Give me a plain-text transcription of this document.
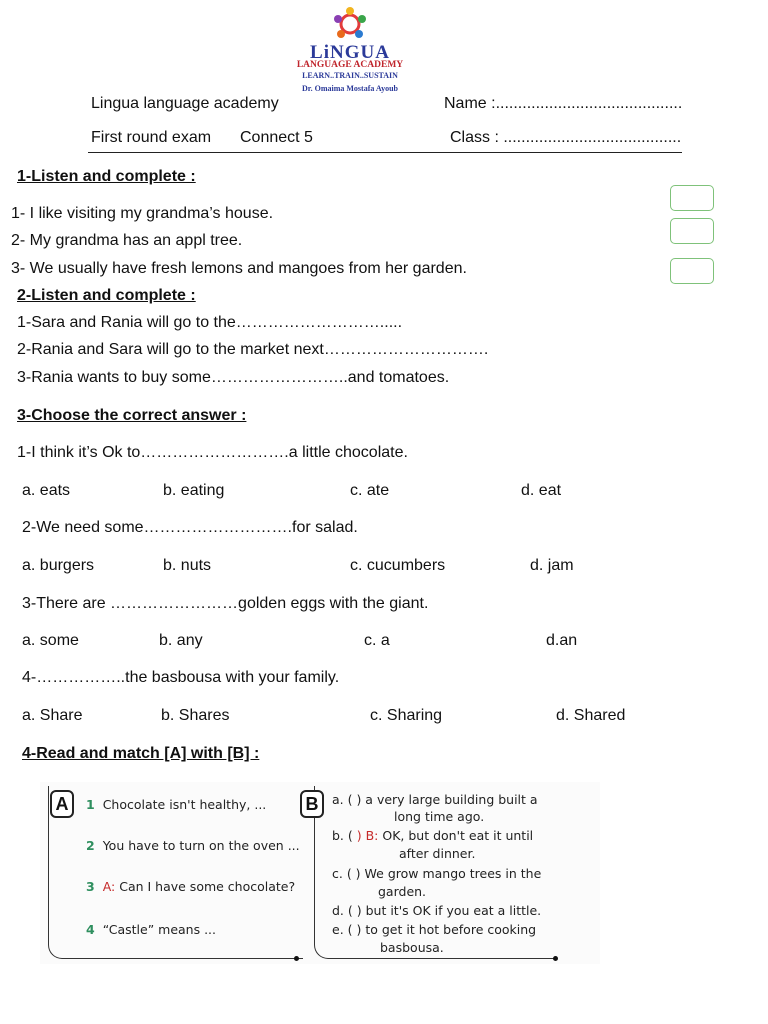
LiNGUA
LANGUAGE ACADEMY
LEARN..TRAIN..SUSTAIN
Dr. Omaima Mostafa Ayoub
Lingua language academy	Name :..........................................
First round exam Connect 5	Class : ........................................
1-Listen and complete :
1- I like visiting my grandma’s house.
2- My grandma has an appl tree.
3- We usually have fresh lemons and mangoes from her garden.
2-Listen and complete :
1-Sara and Rania will go to the……………………….....
2-Rania and Sara will go to the market next………………………….
3-Rania wants to buy some……………………..and tomatoes.
3-Choose the correct answer :
1-I think it’s Ok to……………………….a little chocolate.
a. eats	b. eating	c. ate	d. eat
2-We need some……………………….for salad.
a. burgers	b. nuts	c. cucumbers	d. jam
3-There are ……………………golden eggs with the giant.
a. some	b. any	c. a	d.an
4-……………..the basbousa with your family.
a. Share	b. Shares	c. Sharing	d. Shared
4-Read and match [A] with [B] :
A	B
1 Chocolate isn't healthy, ...
2 You have to turn on the oven ...
3 A: Can I have some chocolate?
4 “Castle” means ...
a. ( ) a very large building built a
long time ago.
b. ( ) B: OK, but don't eat it until
after dinner.
c. ( ) We grow mango trees in the
garden.
d. ( ) but it's OK if you eat a little.
e. ( ) to get it hot before cooking
basbousa.
